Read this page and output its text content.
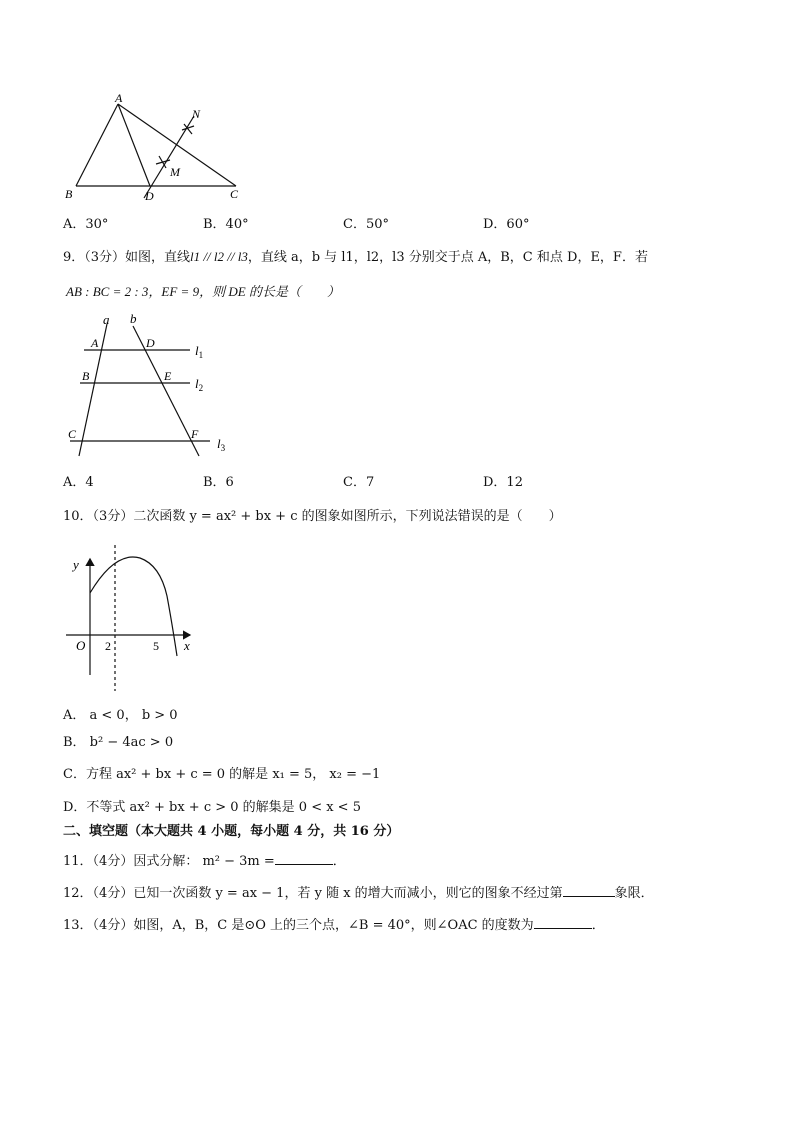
A
N
M
B	D	C
A．30°	B．40°	C．50°	D．60°
9．（3分）如图，直线l1 // l2 // l3，直线 a，b 与 l1，l2，l3 分别交于点 A，B，C 和点 D，E，F．若
AB : BC = 2 : 3，EF = 9，则 DE 的长是（　　）
a b
A	D
B	E
C	F
$l_1$
$l_2$
$l_3$
A．4	B．6	C．7	D．12
10．（3分）二次函数 y = ax² + bx + c 的图象如图所示，下列说法错误的是（　　）
y
x
O 2	5
A． a < 0， b > 0
B． b² − 4ac > 0
C．方程 ax² + bx + c = 0 的解是 x₁ = 5， x₂ = −1
D．不等式 ax² + bx + c > 0 的解集是 0 < x < 5
二、填空题（本大题共 4 小题，每小题 4 分，共 16 分）
11．（4分）因式分解： m² − 3m =	．
12．（4分）已知一次函数 y = ax − 1，若 y 随 x 的增大而减小，则它的图象不经过第	象限．
13．（4分）如图，A，B，C 是⊙O 上的三个点，∠B = 40°，则∠OAC 的度数为	．
